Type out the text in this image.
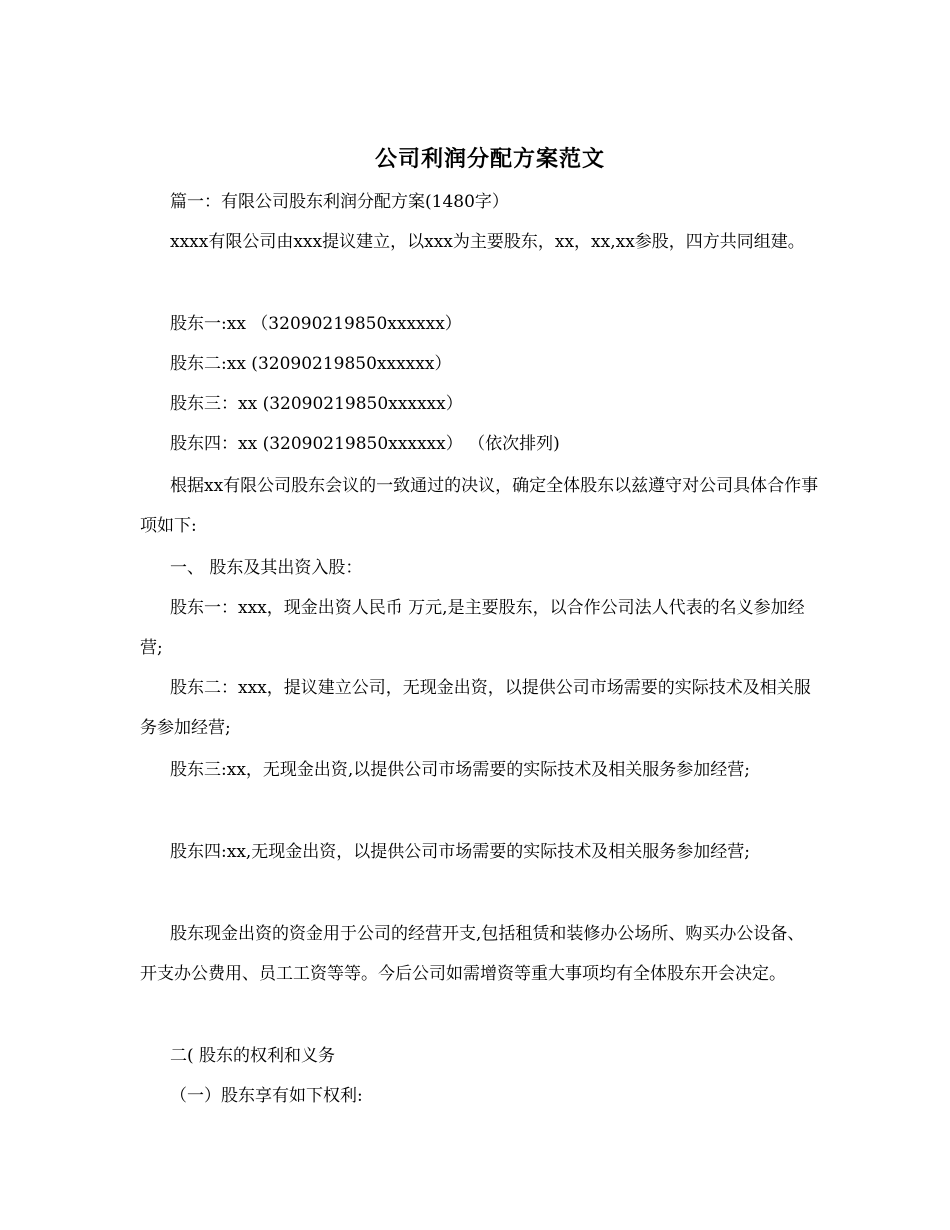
公司利润分配方案范文
篇一：有限公司股东利润分配方案(1480字）
xxxx有限公司由xxx提议建立，以xxx为主要股东，xx，xx,xx参股，四方共同组建。
股东一:xx （32090219850xxxxxx）
股东二:xx (32090219850xxxxxx）
股东三：xx (32090219850xxxxxx）
股东四：xx (32090219850xxxxxx） （依次排列)
根据xx有限公司股东会议的一致通过的决议，确定全体股东以兹遵守对公司具体合作事项如下:
一、 股东及其出资入股：
股东一：xxx，现金出资人民币 万元,是主要股东，以合作公司法人代表的名义参加经营;
股东二：xxx，提议建立公司，无现金出资，以提供公司市场需要的实际技术及相关服务参加经营;
股东三:xx，无现金出资,以提供公司市场需要的实际技术及相关服务参加经营;
股东四:xx,无现金出资，以提供公司市场需要的实际技术及相关服务参加经营;
股东现金出资的资金用于公司的经营开支,包括租赁和装修办公场所、购买办公设备、开支办公费用、员工工资等等。今后公司如需增资等重大事项均有全体股东开会决定。
二( 股东的权利和义务
（一）股东享有如下权利:
